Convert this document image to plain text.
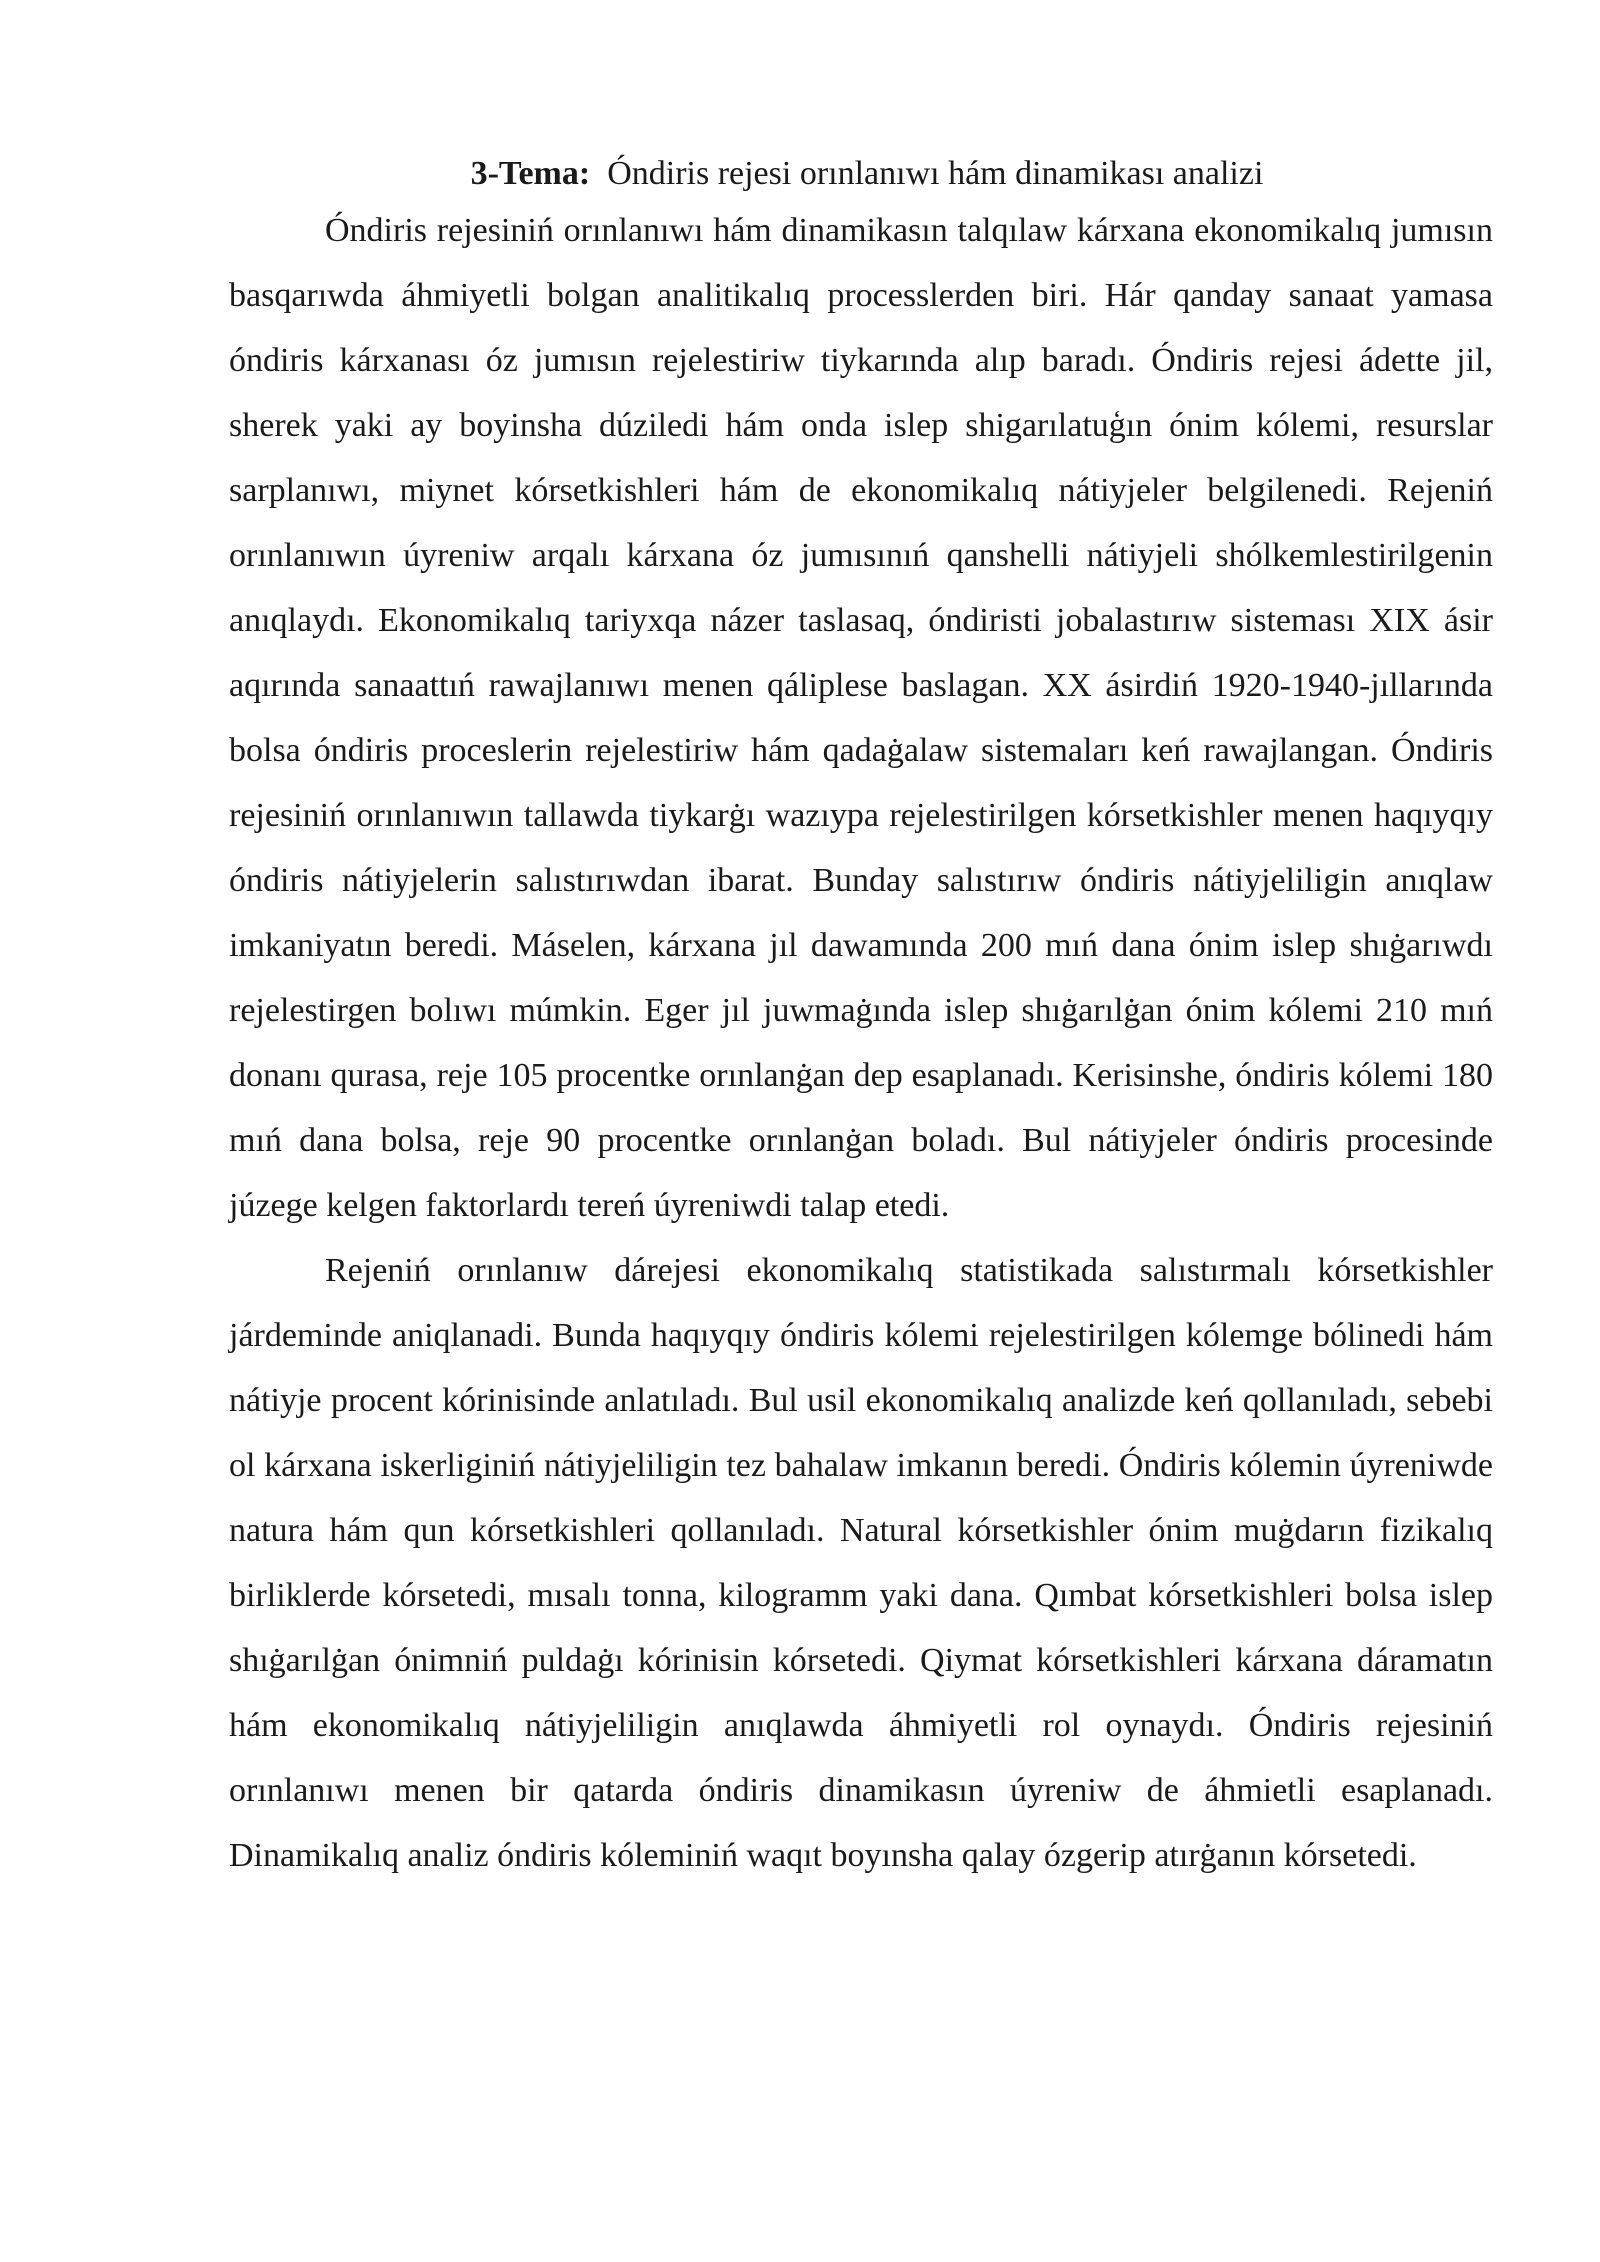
3-Tema: Óndiris rejesi orınlanıwı hám dinamikası analizi

Óndiris rejesiniń orınlanıwı hám dinamikasın talqılaw kárxana ekonomikalıq jumısın basqarıwda áhmiyetli bolgan analitikalıq processlerden biri. Hár qanday sanaat yamasa óndiris kárxanası óz jumısın rejelestiriw tiykarında alıp baradı. Óndiris rejesi ádette jil, sherek yaki ay boyinsha dúziledi hám onda islep shigarılatuģın ónim kólemi, resurslar sarplanıwı, miynet kórsetkishleri hám de ekonomikalıq nátiyjeler belgilenedi. Rejeniń orınlanıwın úyreniw arqalı kárxana óz jumısınıń qanshelli nátiyjeli shólkemlestirilgenin anıqlaydı. Ekonomikalıq tariyxqa názer taslasaq, óndiristi jobalastırıw sisteması XIX ásir aqırında sanaattıń rawajlanıwı menen qáliplese baslagan. XX ásirdiń 1920-1940-jıllarında bolsa óndiris proceslerin rejelestiriw hám qadaġalaw sistemaları keń rawajlangan. Óndiris rejesiniń orınlanıwın tallawda tiykarġı wazıypa rejelestirilgen kórsetkishler menen haqıyqıy óndiris nátiyjelerin salıstırıwdan ibarat. Bunday salıstırıw óndiris nátiyjeliligin anıqlaw imkaniyatın beredi. Máselen, kárxana jıl dawamında 200 mıń dana ónim islep shıġarıwdı rejelestirgen bolıwı múmkin. Eger jıl juwmaġında islep shıġarılġan ónim kólemi 210 mıń donanı qurasa, reje 105 procentke orınlanġan dep esaplanadı. Kerisinshe, óndiris kólemi 180 mıń dana bolsa, reje 90 procentke orınlanġan boladı. Bul nátiyjeler óndiris procesinde júzege kelgen faktorlardı tereń úyreniwdi talap etedi.

Rejeniń orınlanıw dárejesi ekonomikalıq statistikada salıstırmalı kórsetkishler járdeminde aniqlanadi. Bunda haqıyqıy óndiris kólemi rejelestirilgen kólemge bólinedi hám nátiyje procent kórinisinde anlatıladı. Bul usil ekonomikalıq analizde keń qollanıladı, sebebi ol kárxana iskerliginiń nátiyjeliligin tez bahalaw imkanın beredi. Óndiris kólemin úyreniwde natura hám qun kórsetkishleri qollanıladı. Natural kórsetkishler ónim muġdarın fizikalıq birliklerde kórsetedi, mısalı tonna, kilogramm yaki dana. Qımbat kórsetkishleri bolsa islep shıġarılġan ónimniń puldaġı kórinisin kórsetedi. Qiymat kórsetkishleri kárxana dáramatın hám ekonomikalıq nátiyjeliligin anıqlawda áhmiyetli rol oynaydı. Óndiris rejesiniń orınlanıwı menen bir qatarda óndiris dinamikasın úyreniw de áhmietli esaplanadı. Dinamikalıq analiz óndiris kóleminiń waqıt boyınsha qalay ózgerip atırġanın kórsetedi.
